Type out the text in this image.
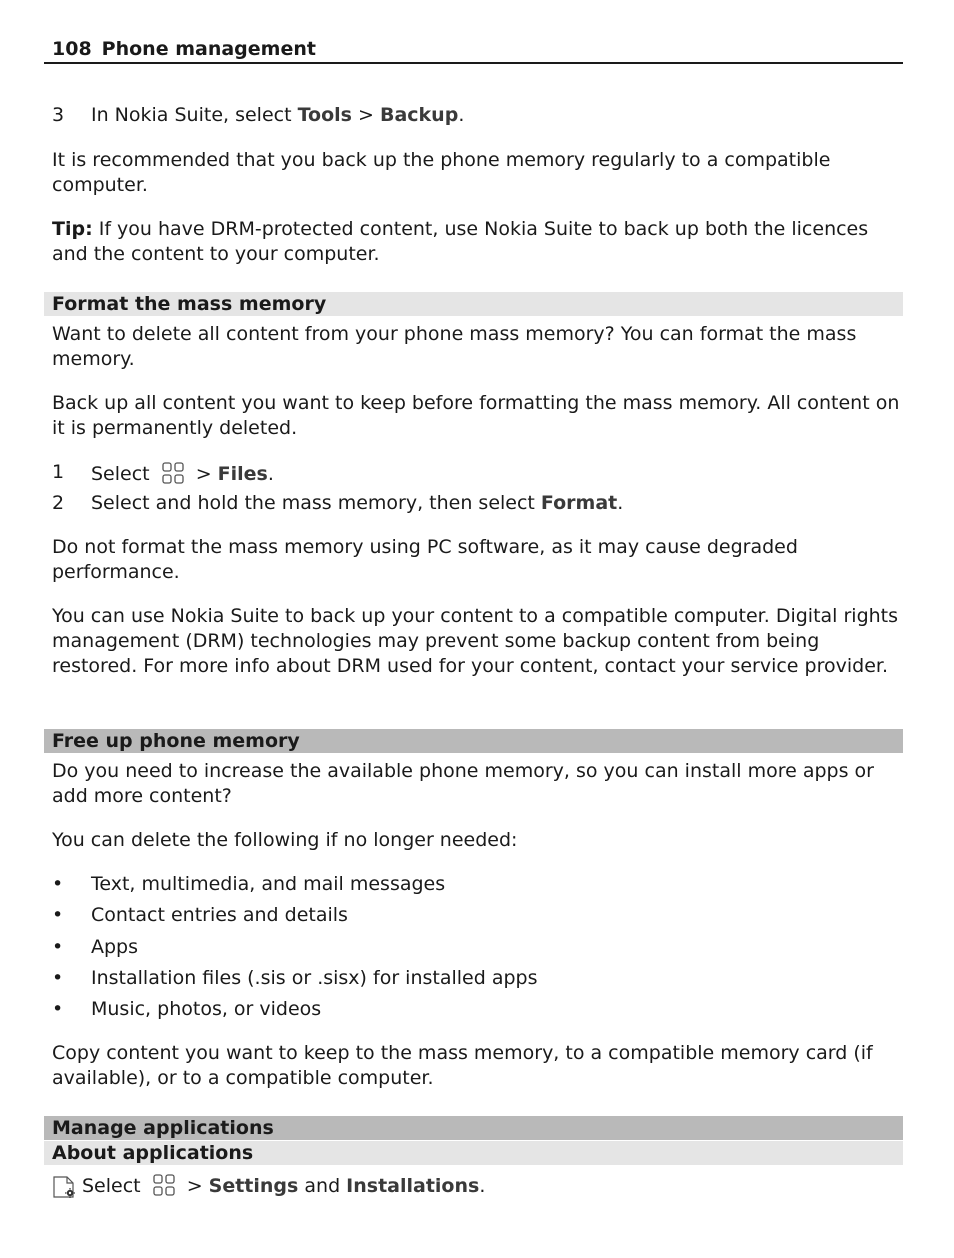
108 Phone management
3 In Nokia Suite, select Tools > Backup.

It is recommended that you back up the phone memory regularly to a compatible computer.

Tip: If you have DRM-protected content, use Nokia Suite to back up both the licences and the content to your computer.

Format the mass memory

Want to delete all content from your phone mass memory? You can format the mass memory.

Back up all content you want to keep before formatting the mass memory. All content on it is permanently deleted.

1 Select  > Files.
2 Select and hold the mass memory, then select Format.

Do not format the mass memory using PC software, as it may cause degraded performance.

You can use Nokia Suite to back up your content to a compatible computer. Digital rights management (DRM) technologies may prevent some backup content from being restored. For more info about DRM used for your content, contact your service provider.

Free up phone memory

Do you need to increase the available phone memory, so you can install more apps or add more content?

You can delete the following if no longer needed:

• Text, multimedia, and mail messages
• Contact entries and details
• Apps
• Installation files (.sis or .sisx) for installed apps
• Music, photos, or videos

Copy content you want to keep to the mass memory, to a compatible memory card (if available), or to a compatible computer.

Manage applications
About applications
Select  > Settings and Installations.
